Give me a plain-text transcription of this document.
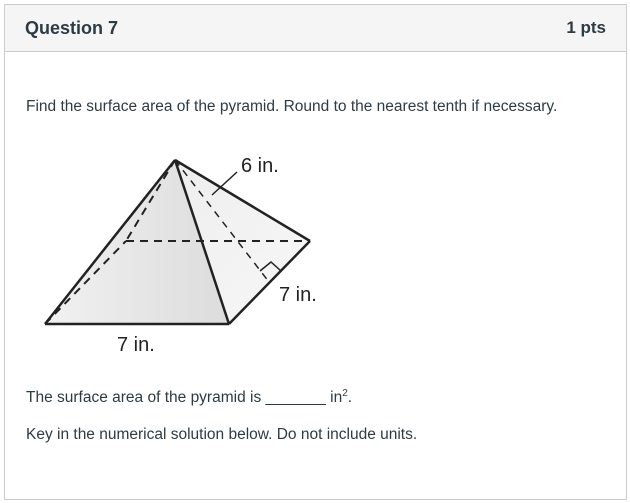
Question 7	1 pts
Find the surface area of the pyramid. Round to the nearest tenth if necessary.
6 in.
7 in.
7 in.
The surface area of the pyramid is _______ $in^2$.
Key in the numerical solution below. Do not include units.
